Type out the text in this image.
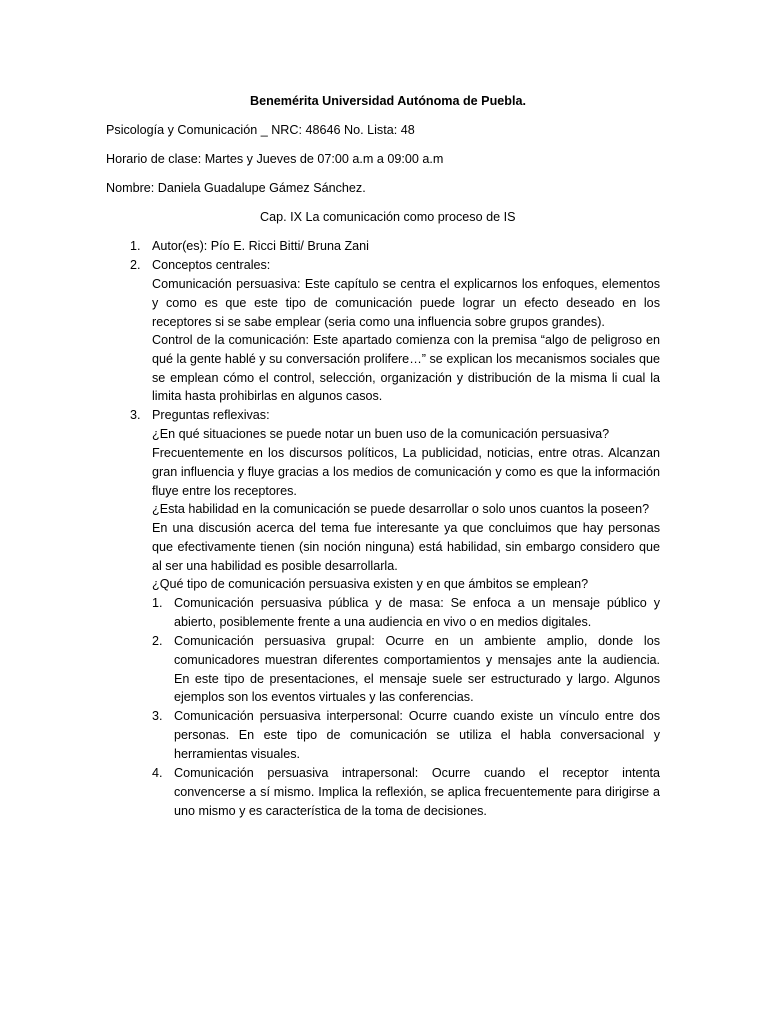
Benemérita Universidad Autónoma de Puebla.
Psicología y Comunicación _ NRC: 48646 No. Lista: 48
Horario de clase: Martes y Jueves de 07:00 a.m a 09:00 a.m
Nombre: Daniela Guadalupe Gámez Sánchez.
Cap. IX La comunicación como proceso de IS
1. Autor(es): Pío E. Ricci Bitti/ Bruna Zani
2. Conceptos centrales:

Comunicación persuasiva: Este capítulo se centra el explicarnos los enfoques, elementos y como es que este tipo de comunicación puede lograr un efecto deseado en los receptores si se sabe emplear (seria como una influencia sobre grupos grandes).

Control de la comunicación: Este apartado comienza con la premisa “algo de peligroso en qué la gente hablé y su conversación prolifere…” se explican los mecanismos sociales que se emplean cómo el control, selección, organización y distribución de la misma li cual la limita hasta prohibirlas en algunos casos.

3. Preguntas reflexivas:

¿En qué situaciones se puede notar un buen uso de la comunicación persuasiva?

Frecuentemente en los discursos políticos, La publicidad, noticias, entre otras. Alcanzan gran influencia y fluye gracias a los medios de comunicación y como es que la información fluye entre los receptores.

¿Esta habilidad en la comunicación se puede desarrollar o solo unos cuantos la poseen?

En una discusión acerca del tema fue interesante ya que concluimos que hay personas que efectivamente tienen (sin noción ninguna) está habilidad, sin embargo considero que al ser una habilidad es posible desarrollarla.

¿Qué tipo de comunicación persuasiva existen y en que ámbitos se emplean?

1. Comunicación persuasiva pública y de masa: Se enfoca a un mensaje público y abierto, posiblemente frente a una audiencia en vivo o en medios digitales.

2. Comunicación persuasiva grupal: Ocurre en un ambiente amplio, donde los comunicadores muestran diferentes comportamientos y mensajes ante la audiencia. En este tipo de presentaciones, el mensaje suele ser estructurado y largo. Algunos ejemplos son los eventos virtuales y las conferencias.

3. Comunicación persuasiva interpersonal: Ocurre cuando existe un vínculo entre dos personas. En este tipo de comunicación se utiliza el habla conversacional y herramientas visuales.

4. Comunicación persuasiva intrapersonal: Ocurre cuando el receptor intenta convencerse a sí mismo. Implica la reflexión, se aplica frecuentemente para dirigirse a uno mismo y es característica de la toma de decisiones.
